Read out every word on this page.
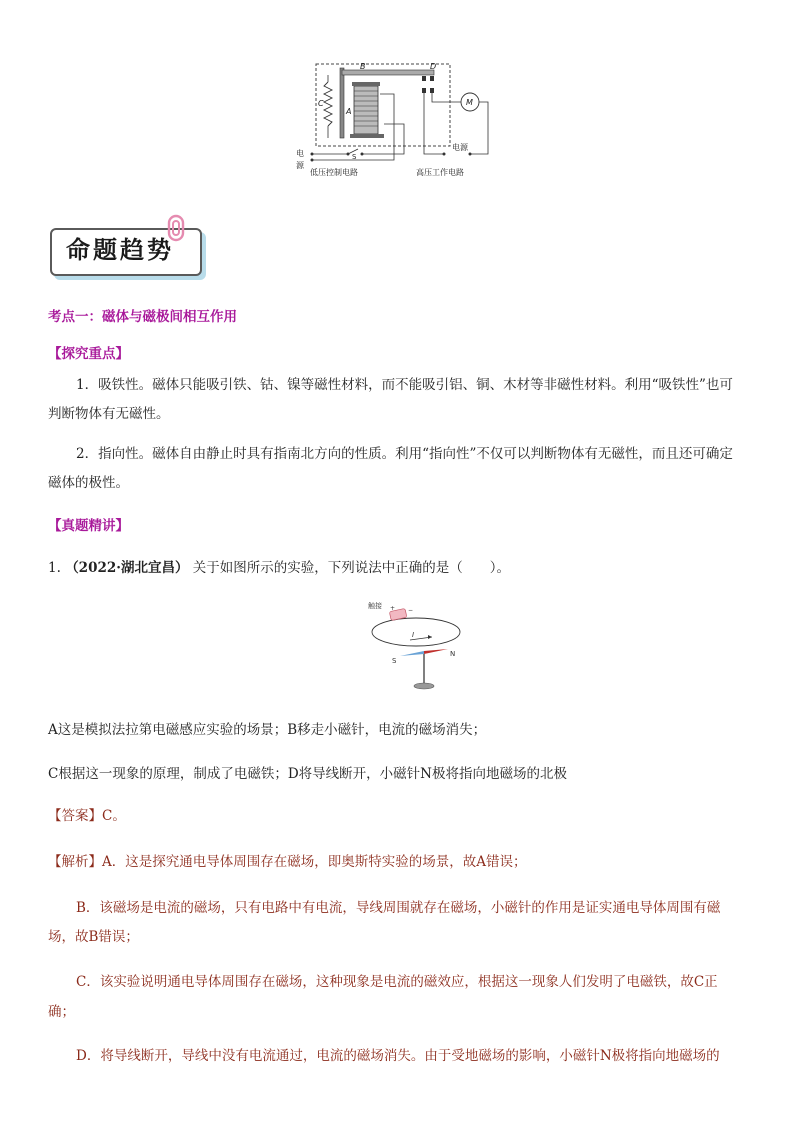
B	D
C
A
M
S
电
源
电源
低压控制电路	高压工作电路
命题趋势
考点一：磁体与磁极间相互作用
【探究重点】
1．吸铁性。磁体只能吸引铁、钴、镍等磁性材料，而不能吸引铝、铜、木材等非磁性材料。利用“吸铁性”也可
判断物体有无磁性。
2．指向性。磁体自由静止时具有指南北方向的性质。利用“指向性”不仅可以判断物体有无磁性，而且还可确定
磁体的极性。
【真题精讲】
1. （2022·湖北宜昌） 关于如图所示的实验，下列说法中正确的是（　　）。
触接 + −
I
S
N
A这是模拟法拉第电磁感应实验的场景；B移走小磁针，电流的磁场消失；
C根据这一现象的原理，制成了电磁铁；D将导线断开，小磁针N极将指向地磁场的北极
【答案】C。
【解析】A．这是探究通电导体周围存在磁场，即奥斯特实验的场景，故A错误；
B．该磁场是电流的磁场，只有电路中有电流，导线周围就存在磁场，小磁针的作用是证实通电导体周围有磁
场，故B错误；
C．该实验说明通电导体周围存在磁场，这种现象是电流的磁效应，根据这一现象人们发明了电磁铁，故C正
确；
D．将导线断开，导线中没有电流通过，电流的磁场消失。由于受地磁场的影响，小磁针N极将指向地磁场的
